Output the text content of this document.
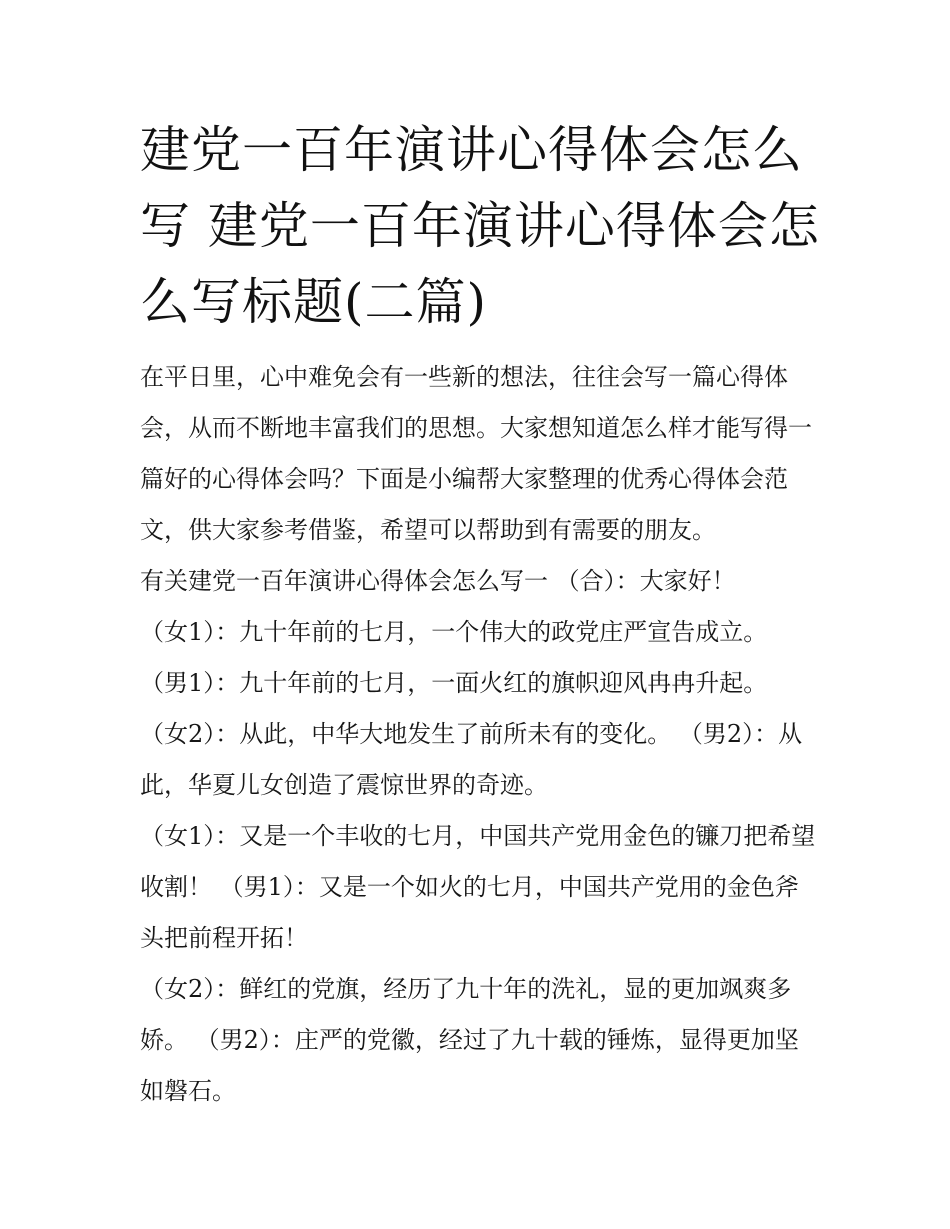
建党一百年演讲心得体会怎么写 建党一百年演讲心得体会怎么写标题(二篇)

在平日里，心中难免会有一些新的想法，往往会写一篇心得体会，从而不断地丰富我们的思想。大家想知道怎么样才能写得一篇好的心得体会吗？下面是小编帮大家整理的优秀心得体会范文，供大家参考借鉴，希望可以帮助到有需要的朋友。

有关建党一百年演讲心得体会怎么写一 （合）：大家好！

（女1）：九十年前的七月，一个伟大的政党庄严宣告成立。

（男1）：九十年前的七月，一面火红的旗帜迎风冉冉升起。

（女2）：从此，中华大地发生了前所未有的变化。 （男2）：从此，华夏儿女创造了震惊世界的奇迹。

（女1）：又是一个丰收的七月，中国共产党用金色的镰刀把希望收割！ （男1）：又是一个如火的七月，中国共产党用的金色斧头把前程开拓！

（女2）：鲜红的党旗，经历了九十年的洗礼，显的更加飒爽多娇。 （男2）：庄严的党徽，经过了九十载的锤炼，显得更加坚如磐石。
